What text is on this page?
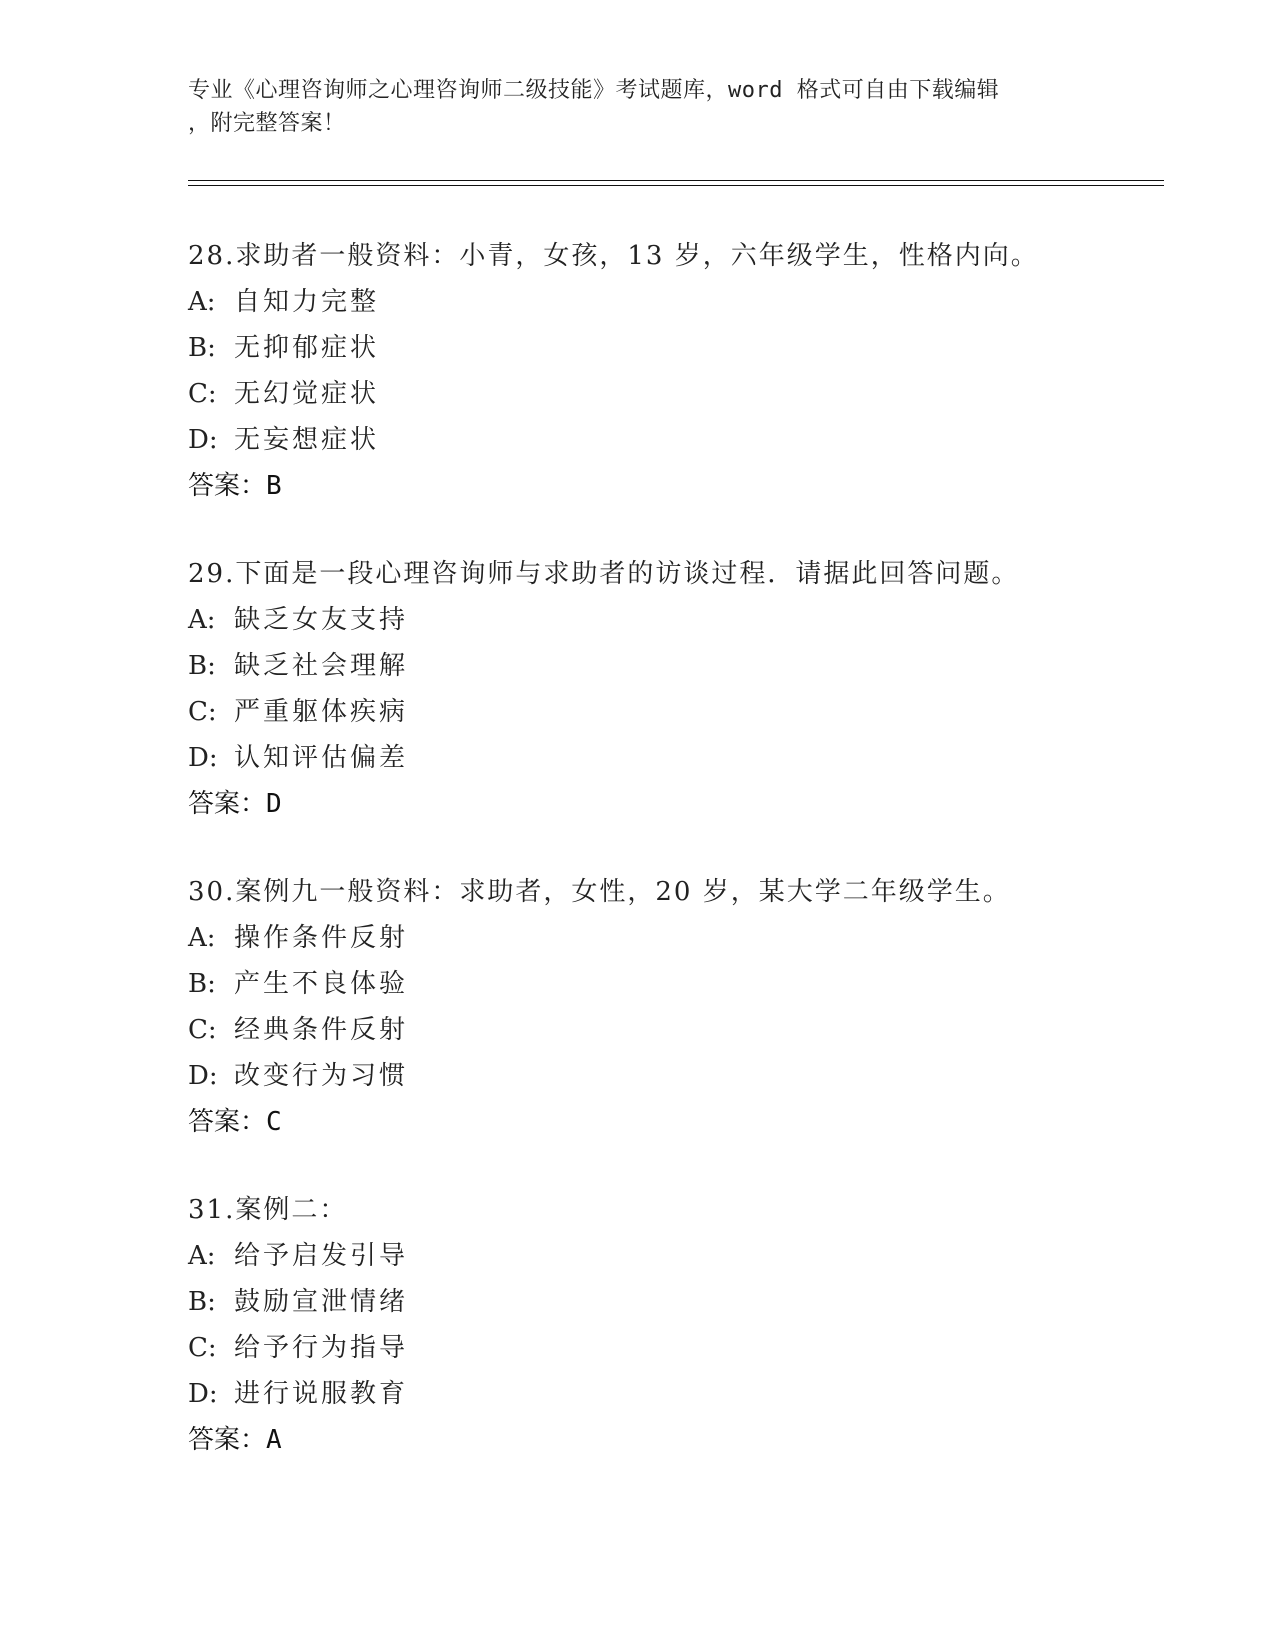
专业《心理咨询师之心理咨询师二级技能》考试题库，word 格式可自由下载编辑
，附完整答案！
28.求助者一般资料：小青，女孩，13 岁，六年级学生，性格内向。
A: 自知力完整
B: 无抑郁症状
C: 无幻觉症状
D: 无妄想症状
答案：B
29.下面是一段心理咨询师与求助者的访谈过程．请据此回答问题。
A: 缺乏女友支持
B: 缺乏社会理解
C: 严重躯体疾病
D: 认知评估偏差
答案：D
30.案例九一般资料：求助者，女性，20 岁，某大学二年级学生。
A: 操作条件反射
B: 产生不良体验
C: 经典条件反射
D: 改变行为习惯
答案：C
31.案例二：
A: 给予启发引导
B: 鼓励宣泄情绪
C: 给予行为指导
D: 进行说服教育
答案：A
